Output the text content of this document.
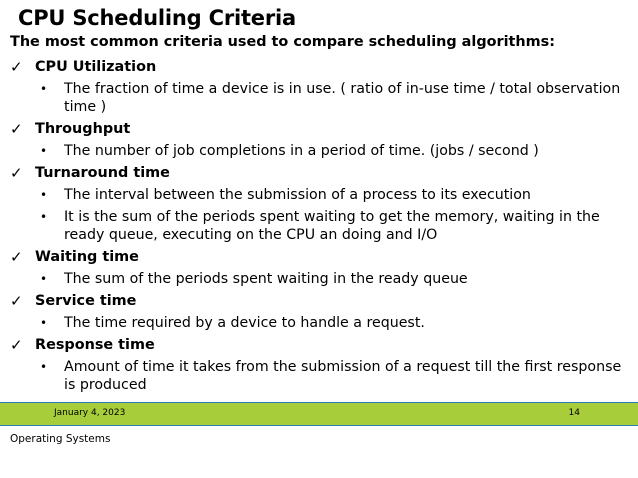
CPU Scheduling Criteria
The most common criteria used to compare scheduling algorithms:
✓ CPU Utilization
• The fraction of time a device is in use. ( ratio of in-use time / total observation time )
✓ Throughput
• The number of job completions in a period of time. (jobs / second )
✓ Turnaround time
• The interval between the submission of a process to its execution
• It is the sum of the periods spent waiting to get the memory, waiting in the ready queue, executing on the CPU an doing and I/O
✓ Waiting time
• The sum of the periods spent waiting in the ready queue
✓ Service time
• The time required by a device to handle a request.
✓ Response time
• Amount of time it takes from the submission of a request till the first response is produced
January 4, 2023	14
Operating Systems
